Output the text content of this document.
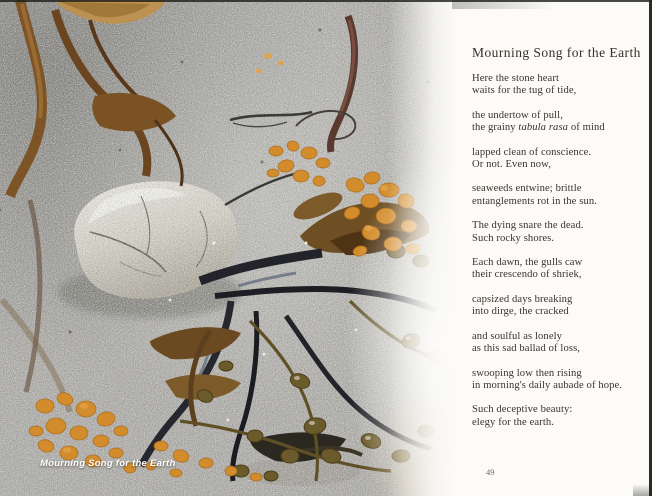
Mourning Song for the Earth
Mourning Song for the Earth
Here the stone heart
waits for the tug of tide,
the undertow of pull,
the grainy tabula rasa of mind
lapped clean of conscience.
Or not. Even now,
seaweeds entwine; brittle
entanglements rot in the sun.
The dying snare the dead.
Such rocky shores.
Each dawn, the gulls caw
their crescendo of shriek,
capsized days breaking
into dirge, the cracked
and soulful as lonely
as this sad ballad of loss,
swooping low then rising
in morning's daily aubade of hope.
Such deceptive beauty:
elegy for the earth.
49
